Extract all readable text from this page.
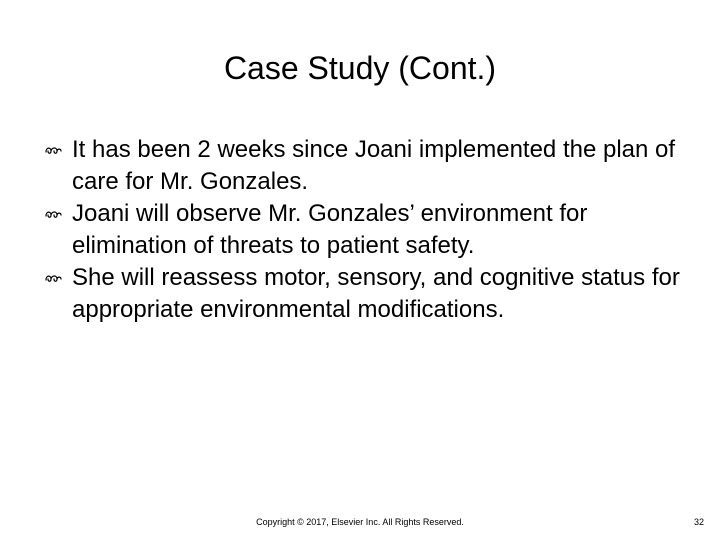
Case Study (Cont.)
It has been 2 weeks since Joani implemented the plan of care for Mr. Gonzales.
Joani will observe Mr. Gonzales’ environment for elimination of threats to patient safety.
She will reassess motor, sensory, and cognitive status for appropriate environmental modifications.
Copyright © 2017, Elsevier Inc. All Rights Reserved.	32
